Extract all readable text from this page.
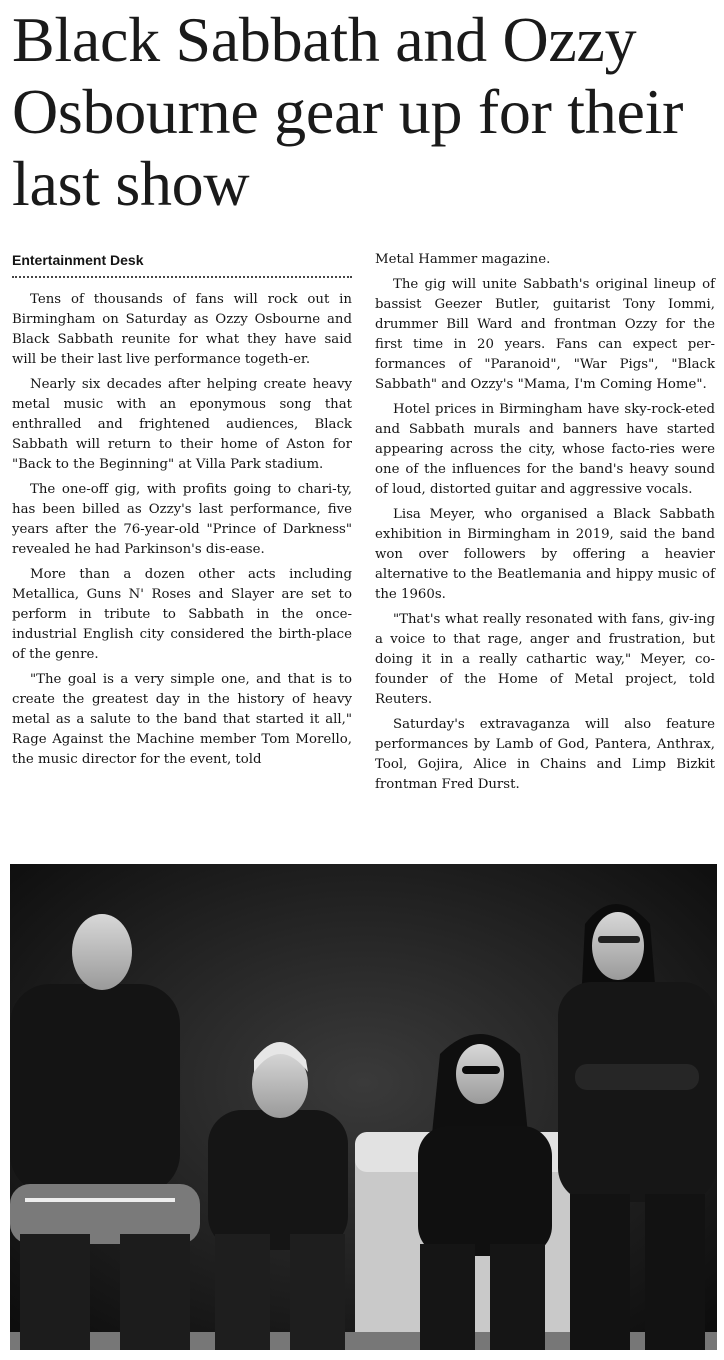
Black Sabbath and Ozzy Osbourne gear up for their last show
Entertainment Desk

Tens of thousands of fans will rock out in Birmingham on Saturday as Ozzy Osbourne and Black Sabbath reunite for what they have said will be their last live performance togeth-er.

Nearly six decades after helping create heavy metal music with an eponymous song that enthralled and frightened audiences, Black Sabbath will return to their home of Aston for "Back to the Beginning" at Villa Park stadium.

The one-off gig, with profits going to chari-ty, has been billed as Ozzy's last performance, five years after the 76-year-old "Prince of Darkness" revealed he had Parkinson's dis-ease.

More than a dozen other acts including Metallica, Guns N' Roses and Slayer are set to perform in tribute to Sabbath in the once-industrial English city considered the birth-place of the genre.

"The goal is a very simple one, and that is to create the greatest day in the history of heavy metal as a salute to the band that started it all," Rage Against the Machine member Tom Morello, the music director for the event, told

Metal Hammer magazine.

The gig will unite Sabbath's original lineup of bassist Geezer Butler, guitarist Tony Iommi, drummer Bill Ward and frontman Ozzy for the first time in 20 years. Fans can expect per-formances of "Paranoid", "War Pigs", "Black Sabbath" and Ozzy's "Mama, I'm Coming Home".

Hotel prices in Birmingham have sky-rock-eted and Sabbath murals and banners have started appearing across the city, whose facto-ries were one of the influences for the band's heavy sound of loud, distorted guitar and aggressive vocals.

Lisa Meyer, who organised a Black Sabbath exhibition in Birmingham in 2019, said the band won over followers by offering a heavier alternative to the Beatlemania and hippy music of the 1960s.

"That's what really resonated with fans, giv-ing a voice to that rage, anger and frustration, but doing it in a really cathartic way," Meyer, co-founder of the Home of Metal project, told Reuters.

Saturday's extravaganza will also feature performances by Lamb of God, Pantera, Anthrax, Tool, Gojira, Alice in Chains and Limp Bizkit frontman Fred Durst.
